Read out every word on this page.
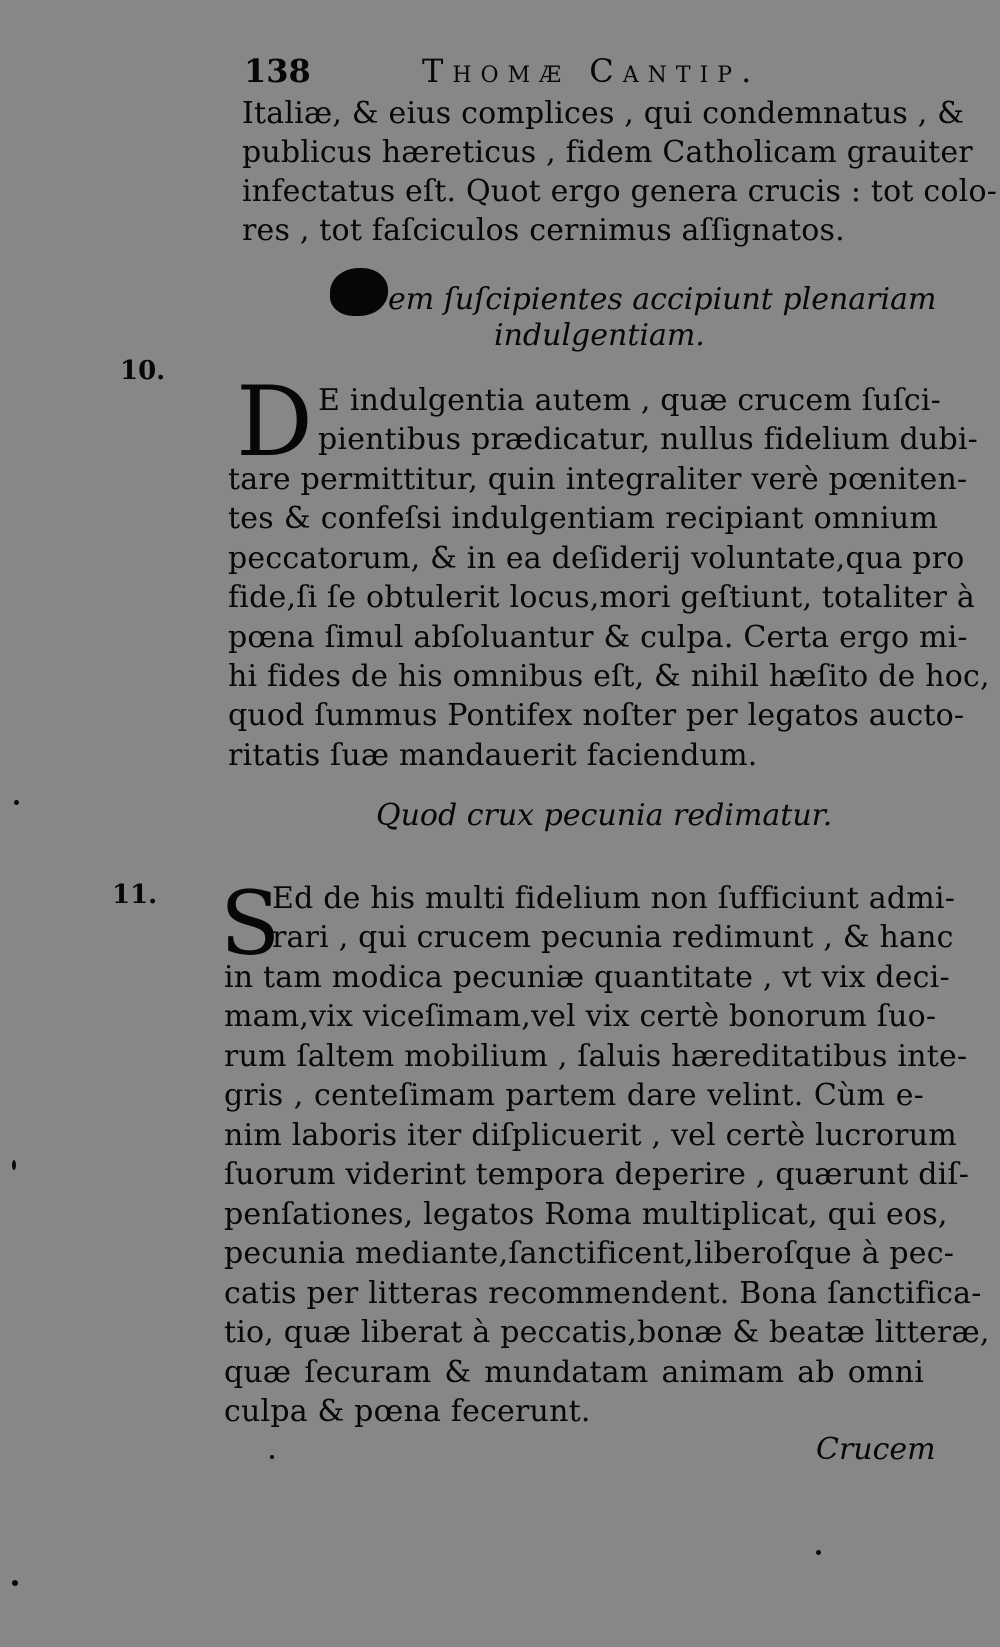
138	Thomæ Cantip.
Italiæ, & eius complices , qui condemnatus , &
publicus hæreticus , fidem Catholicam grauiter
infectatus eſt. Quot ergo genera crucis : tot colo-
res , tot faſciculos cernimus aſſignatos.
em ſuſcipientes accipiunt plenariam
indulgentiam.
10. D E indulgentia autem , quæ crucem ſuſci-
pientibus prædicatur, nullus fidelium dubi-
tare permittitur, quin integraliter verè pœniten-
tes & confeſsi indulgentiam recipiant omnium
peccatorum, & in ea deſiderij voluntate,qua pro
fide,ſi ſe obtulerit locus,mori geſtiunt, totaliter à
pœna ſimul abſoluantur & culpa. Certa ergo mi-
hi fides de his omnibus eſt, & nihil hæſito de hoc,
quod ſummus Pontifex noſter per legatos aucto-
ritatis ſuæ mandauerit faciendum.
Quod crux pecunia redimatur.
11. S
Ed de his multi fidelium non ſufficiunt admi-
rari , qui crucem pecunia redimunt , & hanc
in tam modica pecuniæ quantitate , vt vix deci-
mam,vix viceſimam,vel vix certè bonorum ſuo-
rum ſaltem mobilium , ſaluis hæreditatibus inte-
gris , centeſimam partem dare velint. Cùm e-
nim laboris iter diſplicuerit , vel certè lucrorum
ſuorum viderint tempora deperire , quærunt diſ-
penſationes, legatos Roma multiplicat, qui eos,
pecunia mediante,ſanctificent,liberoſque à pec-
catis per litteras recommendent. Bona ſanctifica-
tio, quæ liberat à peccatis,bonæ & beatæ litteræ,
quæ ſecuram & mundatam animam ab omni
culpa & pœna fecerunt.
Crucem
